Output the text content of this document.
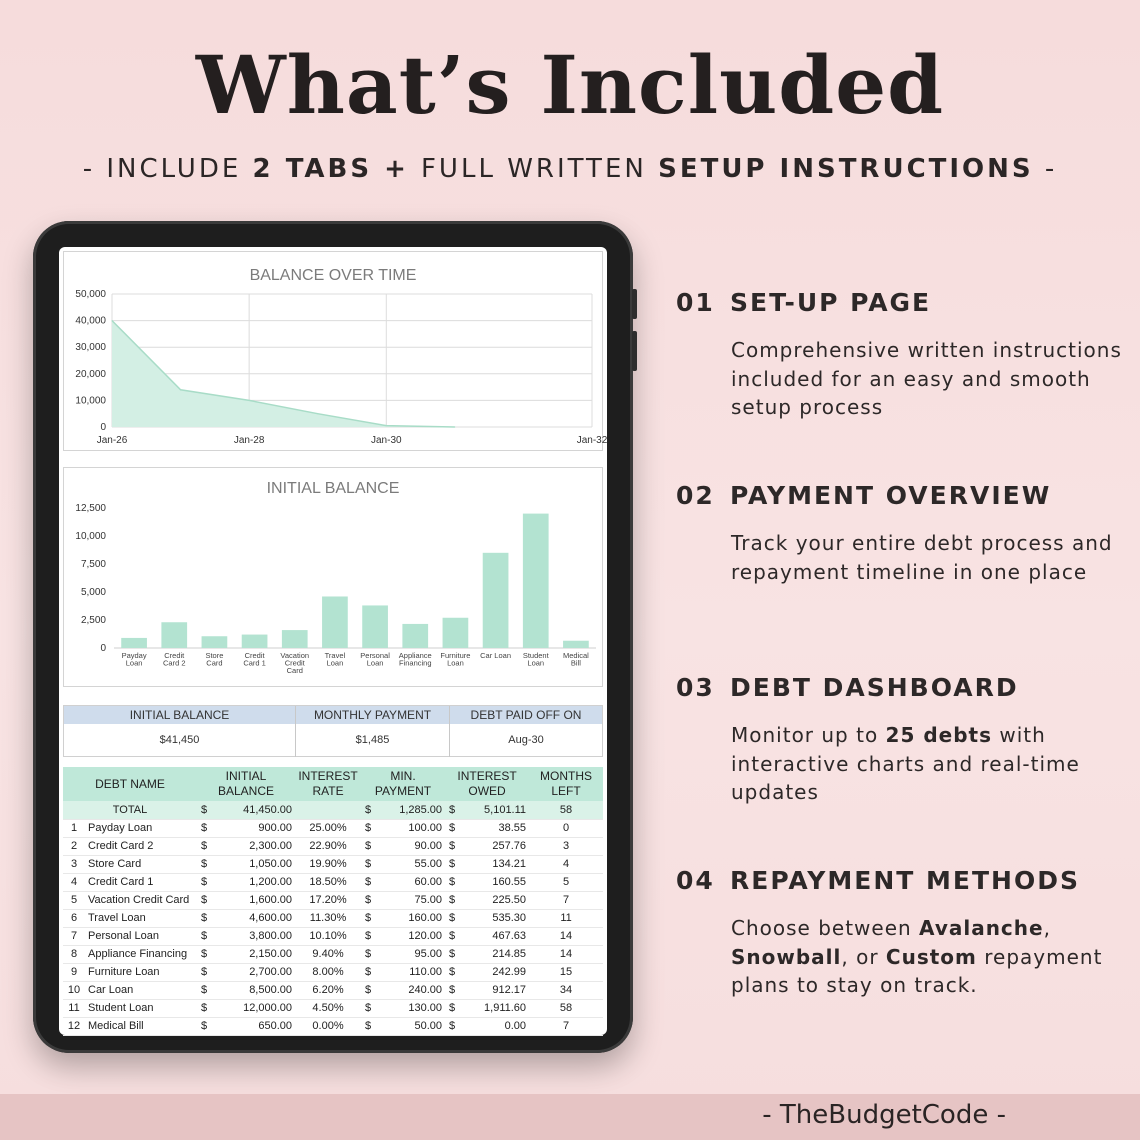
What’s Included
- INCLUDE 2 TABS + FULL WRITTEN SETUP INSTRUCTIONS -
BALANCE OVER TIME
0
10,000
20,000
30,000
40,000
50,000
Jan-26	Jan-28	Jan-30	Jan-32
INITIAL BALANCE
0
2,500
5,000
7,500
10,000
12,500
Payday
Loan
Credit
Card 2
Store
Card
Credit
Card 1
Vacation
Credit
Card
Travel
Loan
Personal
Loan
Appliance
Financing
Furniture
Loan
Car Loan Student
Loan
Medical
Bill
INITIAL BALANCE	MONTHLY PAYMENT	DEBT PAID OFF ON
$41,450	$1,485	Aug-30
DEBT NAME		INITIAL BALANCE		INTEREST RATE	MIN. PAYMENT		INTEREST OWED		MONTHS LEFT
TOTAL		$	41,450.00		$	1,285.00	$	5,101.11	58
1	Payday Loan	$	900.00	25.00%	$	100.00	$	38.55	0
2	Credit Card 2	$	2,300.00	22.90%	$	90.00	$	257.76	3
3	Store Card	$	1,050.00	19.90%	$	55.00	$	134.21	4
4	Credit Card 1	$	1,200.00	18.50%	$	60.00	$	160.55	5
5	Vacation Credit Card	$	1,600.00	17.20%	$	75.00	$	225.50	7
6	Travel Loan	$	4,600.00	11.30%	$	160.00	$	535.30	11
7	Personal Loan	$	3,800.00	10.10%	$	120.00	$	467.63	14
8	Appliance Financing	$	2,150.00	9.40%	$	95.00	$	214.85	14
9	Furniture Loan	$	2,700.00	8.00%	$	110.00	$	242.99	15
10	Car Loan	$	8,500.00	6.20%	$	240.00	$	912.17	34
11	Student Loan	$	12,000.00	4.50%	$	130.00	$	1,911.60	58
12	Medical Bill	$	650.00	0.00%	$	50.00	$	0.00	7
01 SET-UP PAGE
Comprehensive written instructions included for an easy and smooth setup process
02 PAYMENT OVERVIEW
Track your entire debt process and repayment timeline in one place
03 DEBT DASHBOARD
Monitor up to 25 debts with interactive charts and real-time updates
04 REPAYMENT METHODS
Choose between Avalanche, Snowball, or Custom repayment plans to stay on track.
- TheBudgetCode -
